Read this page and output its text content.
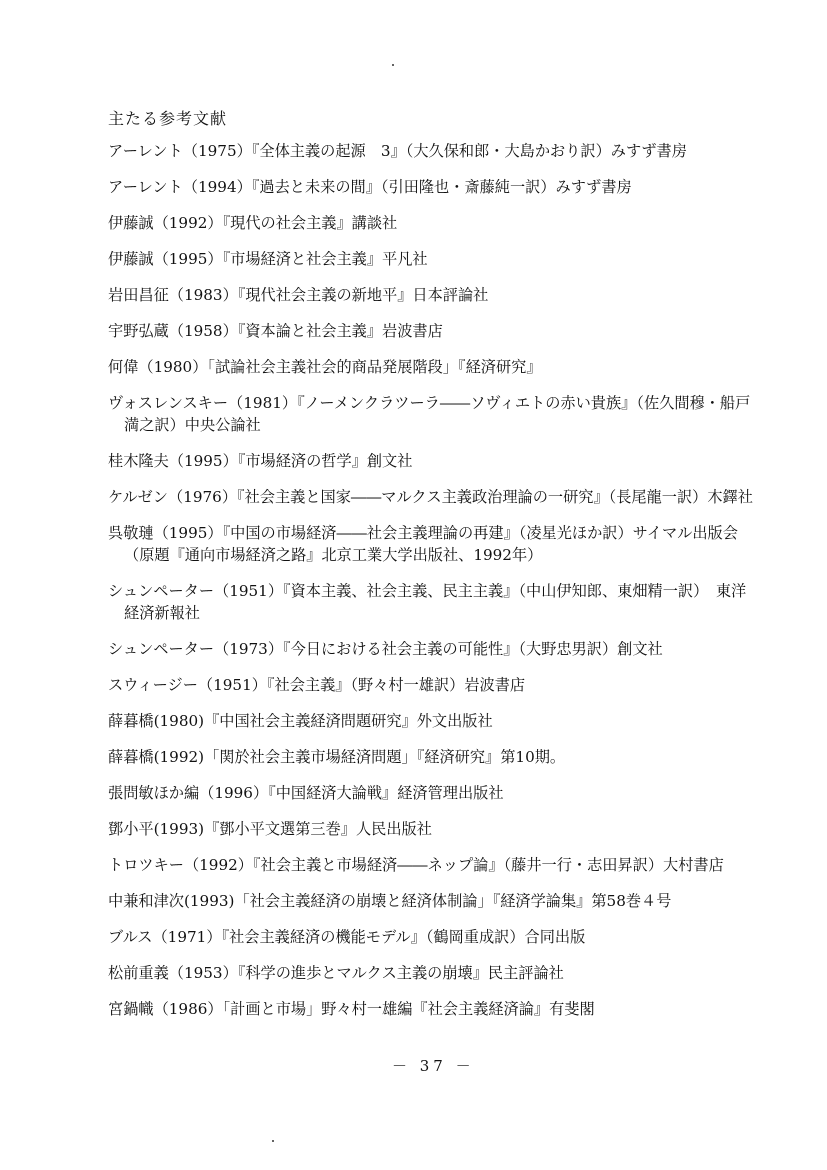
主たる参考文献
アーレント（1975）『全体主義の起源　3』（大久保和郎・大島かおり訳）みすず書房
アーレント（1994）『過去と未来の間』（引田隆也・斎藤純一訳）みすず書房
伊藤誠（1992）『現代の社会主義』講談社
伊藤誠（1995）『市場経済と社会主義』平凡社
岩田昌征（1983）『現代社会主義の新地平』日本評論社
宇野弘蔵（1958）『資本論と社会主義』岩波書店
何偉（1980）「試論社会主義社会的商品発展階段」『経済研究』
ヴォスレンスキー（1981）『ノーメンクラツーラ――ソヴィエトの赤い貴族』（佐久間穆・船戸満之訳）中央公論社
桂木隆夫（1995）『市場経済の哲学』創文社
ケルゼン（1976）『社会主義と国家――マルクス主義政治理論の一研究』（長尾龍一訳）木鐸社
呉敬璉（1995）『中国の市場経済――社会主義理論の再建』（凌星光ほか訳）サイマル出版会（原題『通向市場経済之路』北京工業大学出版社、1992年）
シュンペーター（1951）『資本主義、社会主義、民主主義』（中山伊知郎、東畑精一訳）　東洋経済新報社
シュンペーター（1973）『今日における社会主義の可能性』（大野忠男訳）創文社
スウィージー（1951）『社会主義』（野々村一雄訳）岩波書店
薛暮橋(1980)『中国社会主義経済問題研究』外文出版社
薛暮橋(1992)「関於社会主義市場経済問題」『経済研究』第10期。
張問敏ほか編（1996）『中国経済大論戦』経済管理出版社
鄧小平(1993)『鄧小平文選第三巻』人民出版社
トロツキー（1992）『社会主義と市場経済――ネップ論』（藤井一行・志田昇訳）大村書店
中兼和津次(1993)「社会主義経済の崩壊と経済体制論」『経済学論集』第58巻４号
ブルス（1971）『社会主義経済の機能モデル』（鶴岡重成訳）合同出版
松前重義（1953）『科学の進歩とマルクス主義の崩壊』民主評論社
宮鍋幟（1986）「計画と市場」野々村一雄編『社会主義経済論』有斐閣
－ 37 －
